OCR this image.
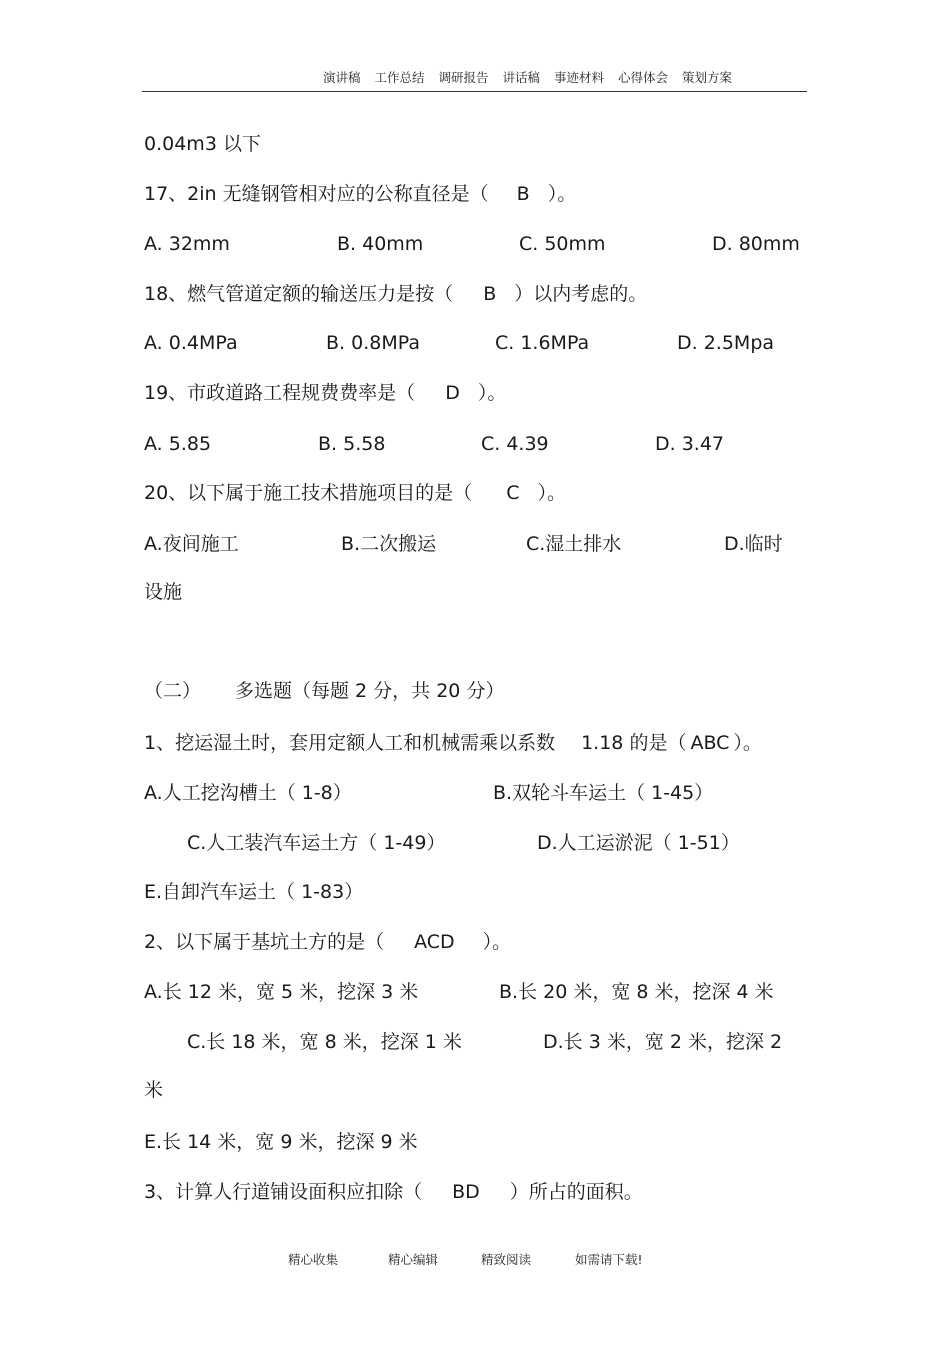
演讲稿 工作总结 调研报告 讲话稿 事迹材料 心得体会 策划方案
0.04m3 以下
17、2in 无缝钢管相对应的公称直径是（ B ）。
A. 32mm	B. 40mm	C. 50mm	D. 80mm
18、燃气管道定额的输送压力是按（ B ）以内考虑的。
A. 0.4MPa	B. 0.8MPa	C. 1.6MPa	D. 2.5Mpa
19、市政道路工程规费费率是（ D ）。
A. 5.85	B. 5.58	C. 4.39	D. 3.47
20、以下属于施工技术措施项目的是（ C ）。
A.夜间施工	B.二次搬运	C.湿土排水	D.临时
设施
（二） 多选题（每题 2 分，共 20 分）
1、挖运湿土时，套用定额人工和机械需乘以系数 1.18 的是（ ABC ）。
A.人工挖沟槽土（ 1-8）	B.双轮斗车运土（ 1-45）
C.人工装汽车运土方（ 1-49）	D.人工运淤泥（ 1-51）
E.自卸汽车运土（ 1-83）
2、以下属于基坑土方的是（ ACD ）。
A.长 12 米，宽 5 米，挖深 3 米	B.长 20 米，宽 8 米，挖深 4 米
C.长 18 米，宽 8 米，挖深 1 米	D.长 3 米，宽 2 米，挖深 2
米
E.长 14 米，宽 9 米，挖深 9 米
3、计算人行道铺设面积应扣除（ BD ）所占的面积。
精心收集	精心编辑	精致阅读	如需请下载!
